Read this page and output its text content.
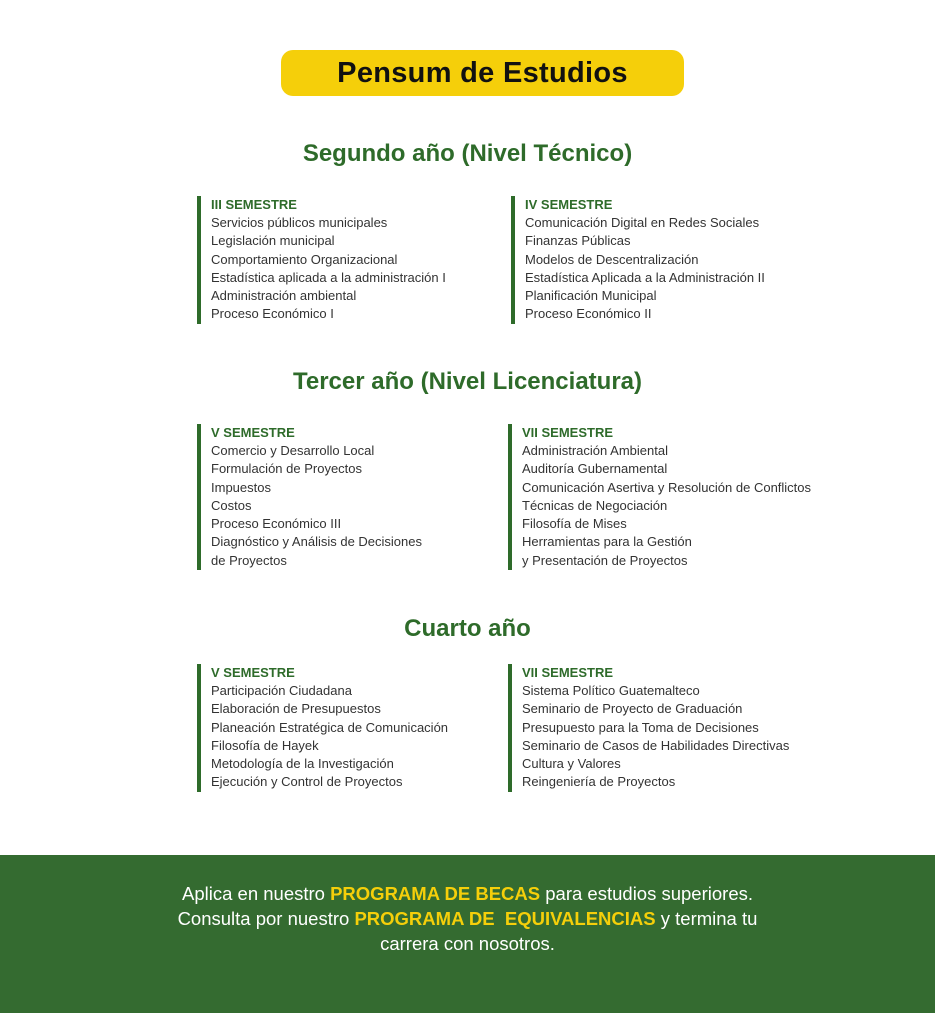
Pensum de Estudios
Segundo año (Nivel Técnico)
III SEMESTRE
Servicios públicos municipales
Legislación municipal
Comportamiento Organizacional
Estadística aplicada a la administración I
Administración ambiental
Proceso Económico I
IV SEMESTRE
Comunicación Digital en Redes Sociales
Finanzas Públicas
Modelos de Descentralización
Estadística Aplicada a la Administración II
Planificación Municipal
Proceso Económico II
Tercer año (Nivel Licenciatura)
V SEMESTRE
Comercio y Desarrollo Local
Formulación de Proyectos
Impuestos
Costos
Proceso Económico III
Diagnóstico y Análisis de Decisiones
de Proyectos
VII SEMESTRE
Administración Ambiental
Auditoría Gubernamental
Comunicación Asertiva y Resolución de Conflictos
Técnicas de Negociación
Filosofía de Mises
Herramientas para la Gestión
y Presentación de Proyectos
Cuarto año
V SEMESTRE
Participación Ciudadana
Elaboración de Presupuestos
Planeación Estratégica de Comunicación
Filosofía de Hayek
Metodología de la Investigación
Ejecución y Control de Proyectos
VII SEMESTRE
Sistema Político Guatemalteco
Seminario de Proyecto de Graduación
Presupuesto para la Toma de Decisiones
Seminario de Casos de Habilidades Directivas
Cultura y Valores
Reingeniería de Proyectos
Aplica en nuestro PROGRAMA DE BECAS para estudios superiores.
Consulta por nuestro PROGRAMA DE  EQUIVALENCIAS y termina tu
carrera con nosotros.
